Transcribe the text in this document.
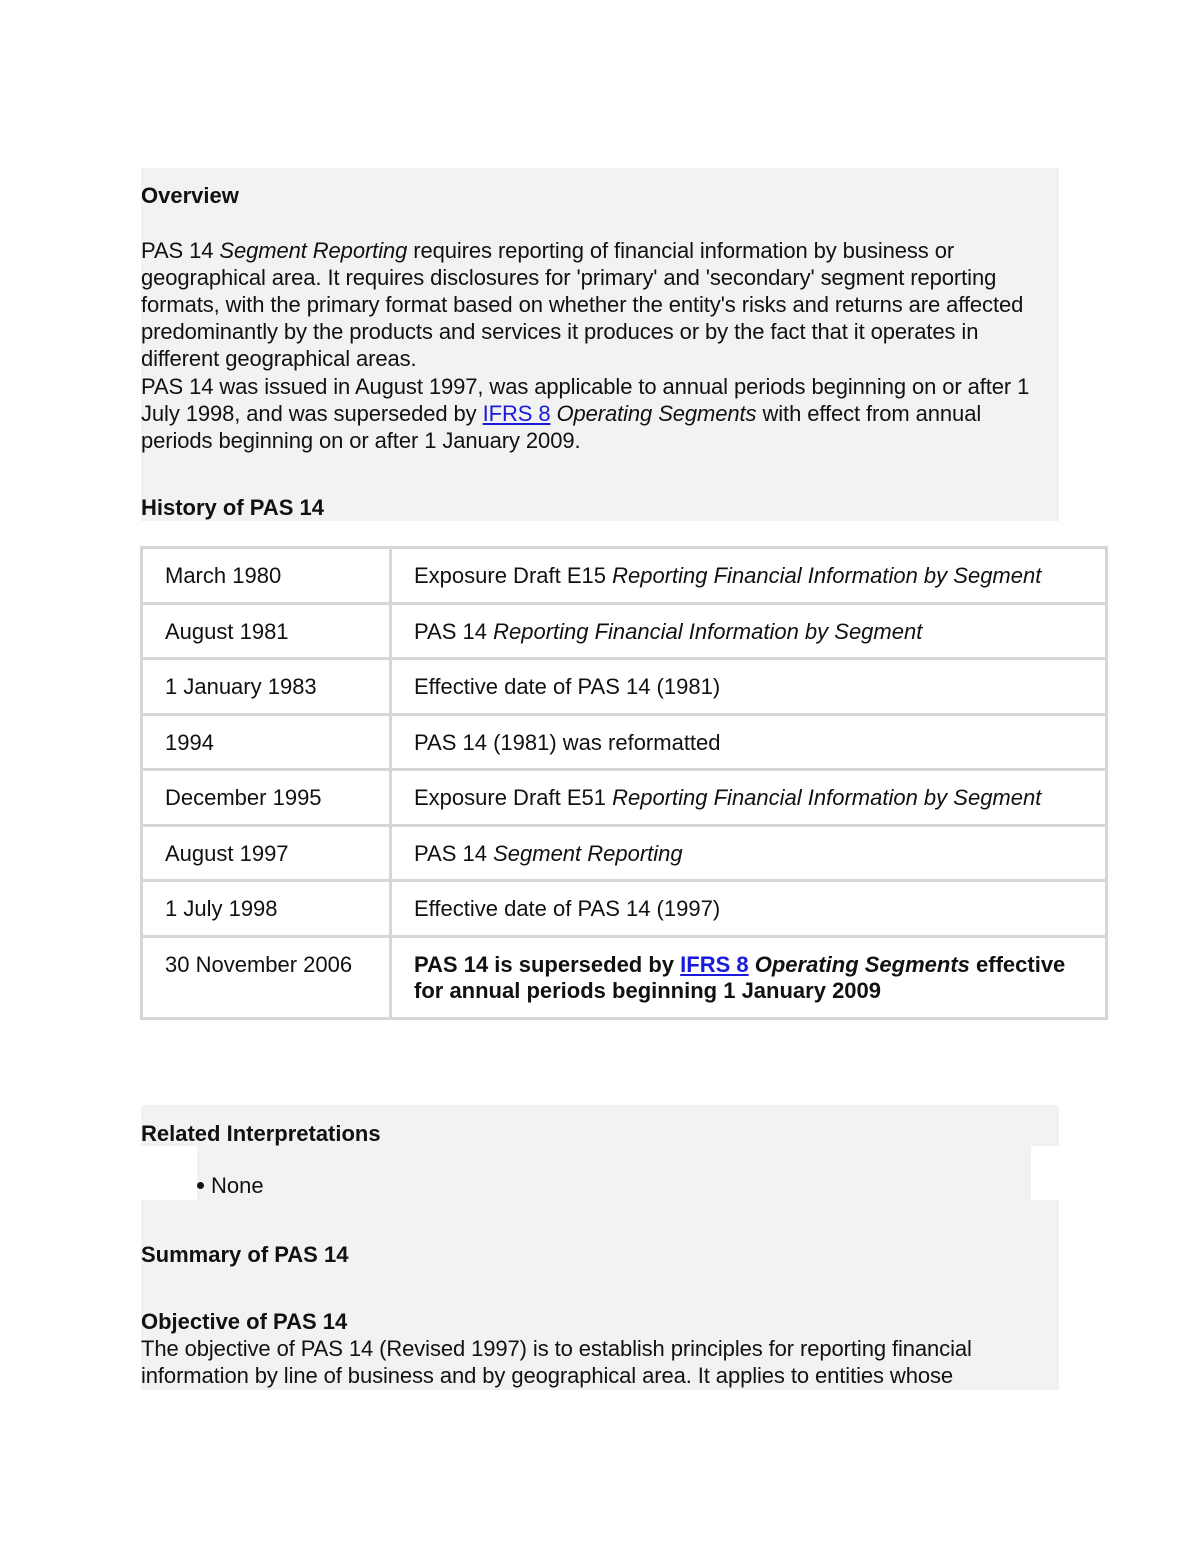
Overview

PAS 14 Segment Reporting requires reporting of financial information by business or geographical area. It requires disclosures for 'primary' and 'secondary' segment reporting formats, with the primary format based on whether the entity's risks and returns are affected predominantly by the products and services it produces or by the fact that it operates in different geographical areas.

PAS 14 was issued in August 1997, was applicable to annual periods beginning on or after 1 July 1998, and was superseded by IFRS 8 Operating Segments with effect from annual periods beginning on or after 1 January 2009.

History of PAS 14
March 1980	Exposure Draft E15 Reporting Financial Information by Segment
August 1981	PAS 14 Reporting Financial Information by Segment
1 January 1983	Effective date of PAS 14 (1981)
1994	PAS 14 (1981) was reformatted
December 1995	Exposure Draft E51 Reporting Financial Information by Segment
August 1997	PAS 14 Segment Reporting
1 July 1998	Effective date of PAS 14 (1997)
30 November 2006	PAS 14 is superseded by IFRS 8 Operating Segments effective for annual periods beginning 1 January 2009
Related Interpretations
None
Summary of PAS 14
Objective of PAS 14

The objective of PAS 14 (Revised 1997) is to establish principles for reporting financial information by line of business and by geographical area. It applies to entities whose
